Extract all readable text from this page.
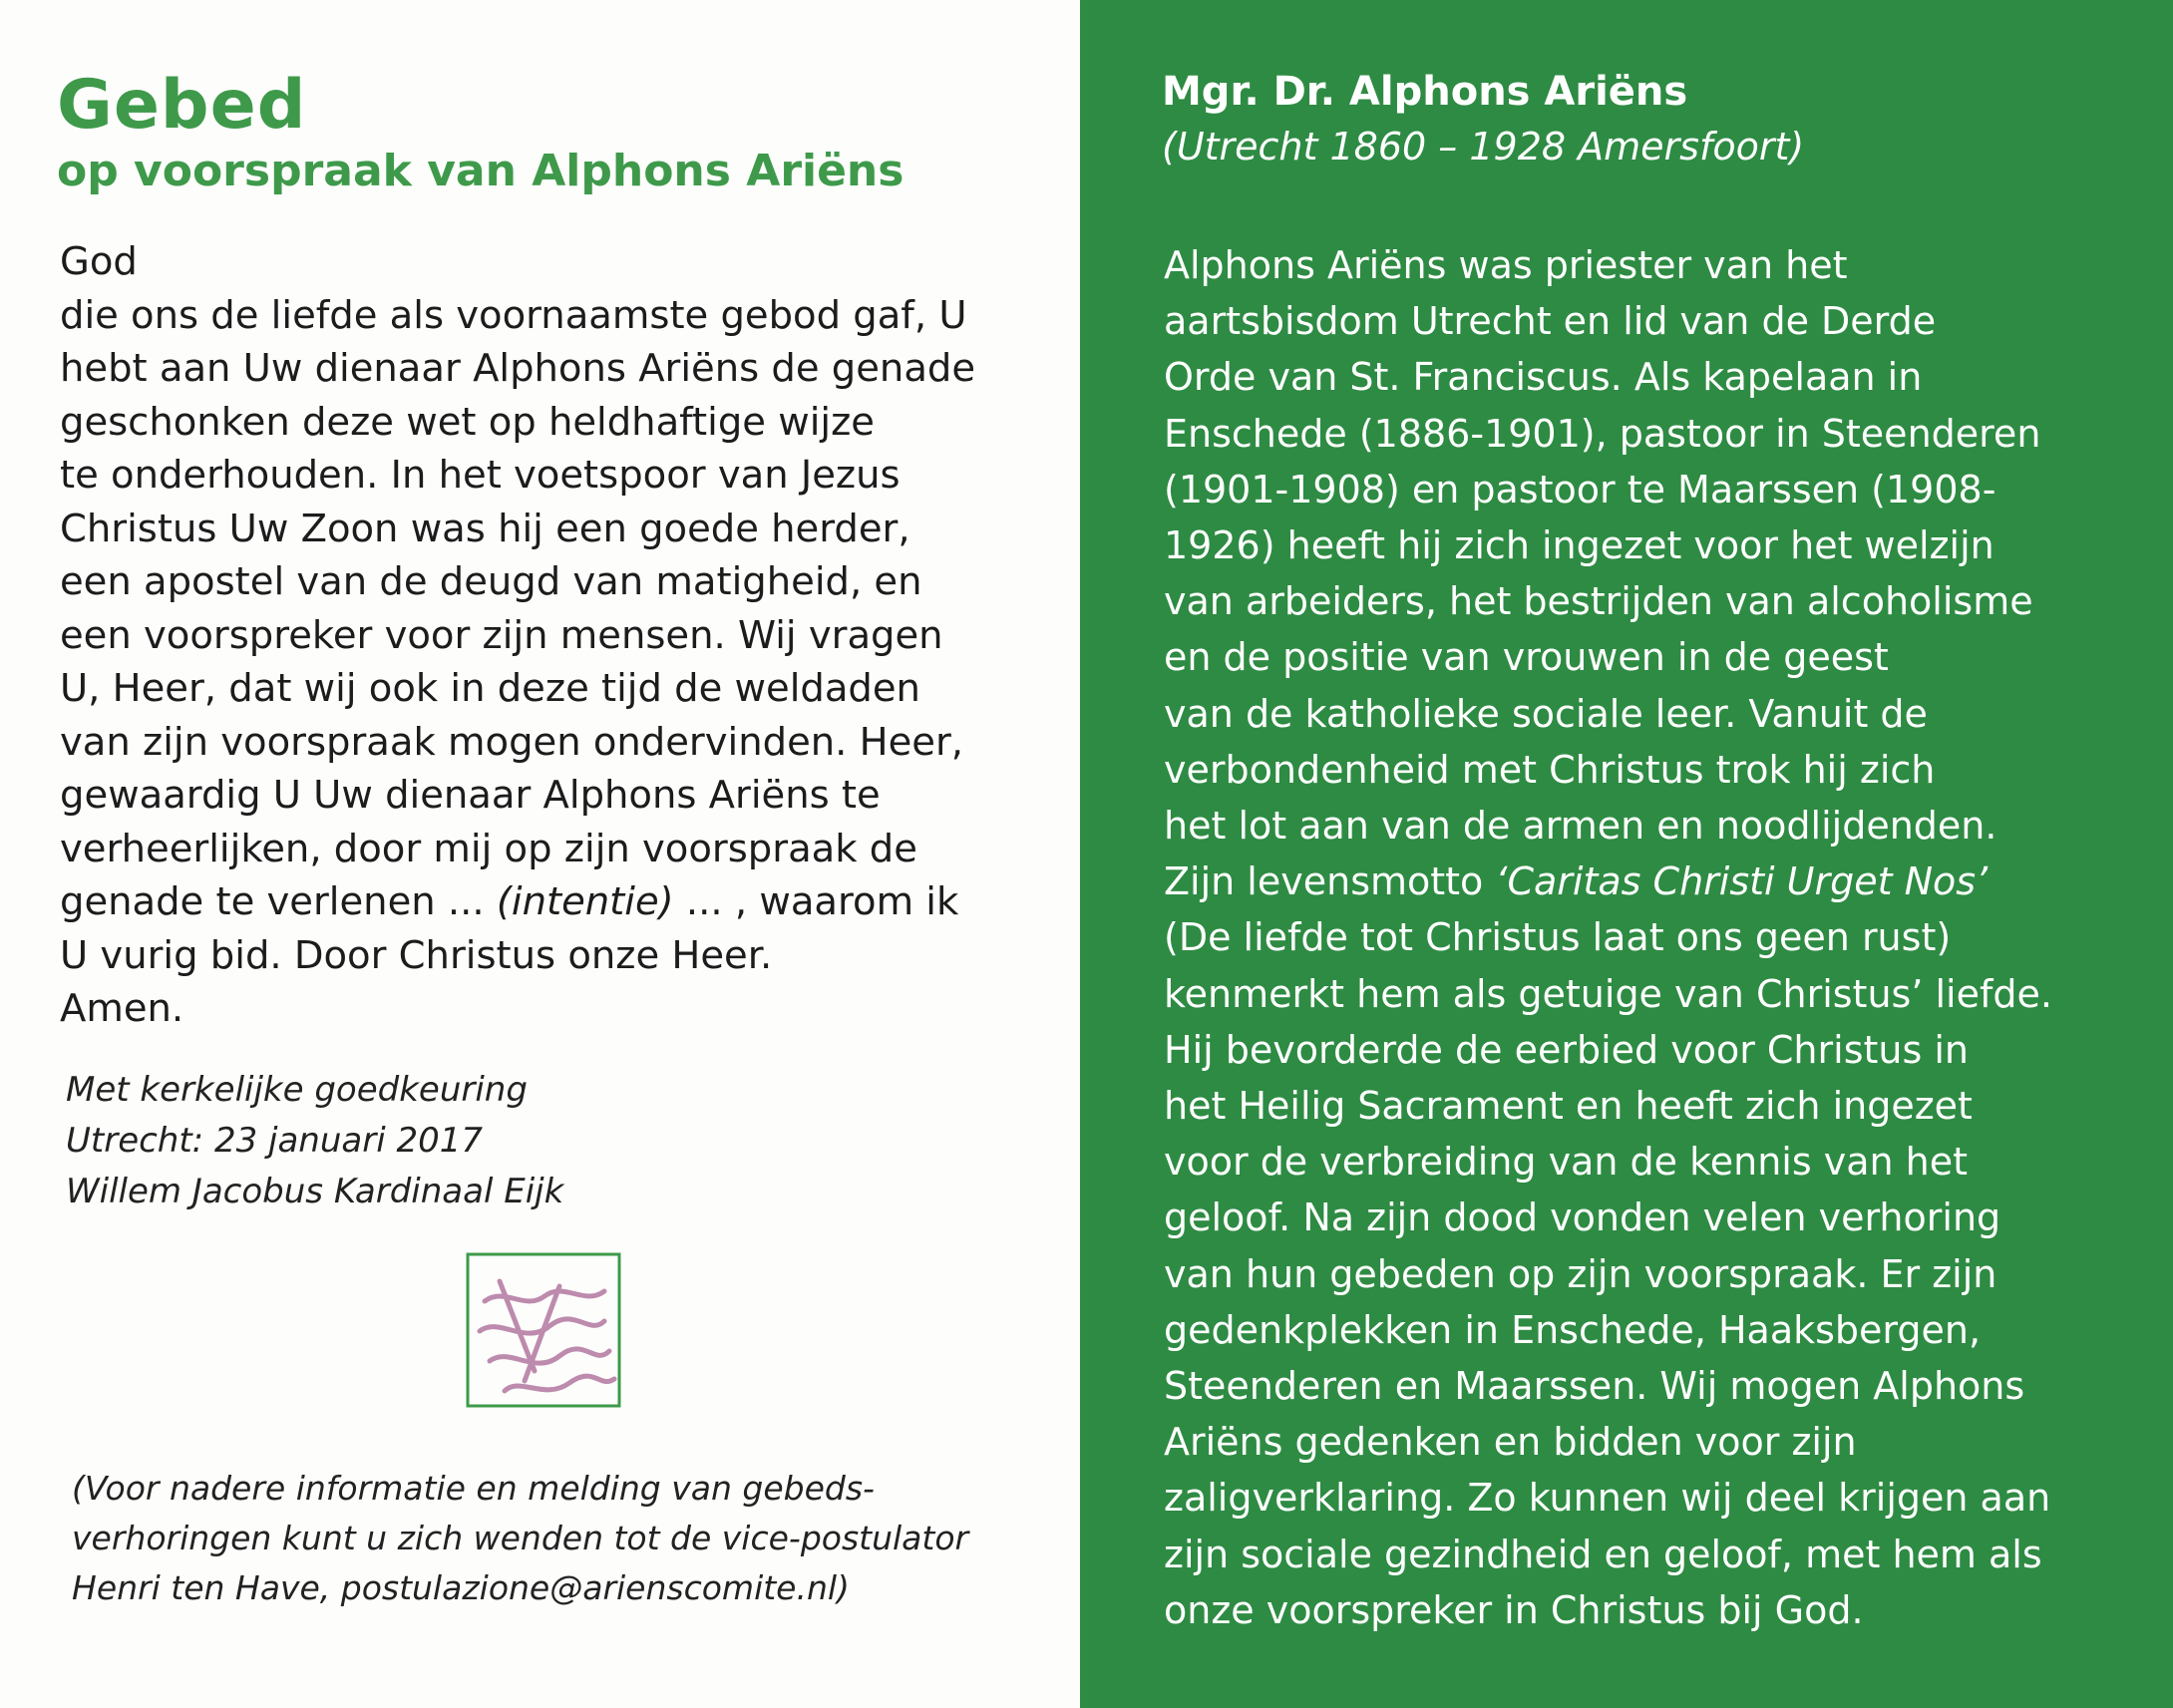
Gebed
op voorspraak van Alphons Ariëns
God
die ons de liefde als voornaamste gebod gaf, U
hebt aan Uw dienaar Alphons Ariëns de genade
geschonken deze wet op heldhaftige wijze
te onderhouden. In het voetspoor van Jezus
Christus Uw Zoon was hij een goede herder,
een apostel van de deugd van matigheid, en
een voorspreker voor zijn mensen. Wij vragen
U, Heer, dat wij ook in deze tijd de weldaden
van zijn voorspraak mogen ondervinden. Heer,
gewaardig U Uw dienaar Alphons Ariëns te
verheerlijken, door mij op zijn voorspraak de
genade te verlenen ... (intentie) ... , waarom ik
U vurig bid. Door Christus onze Heer.
Amen.
Met kerkelijke goedkeuring
Utrecht: 23 januari 2017
Willem Jacobus Kardinaal Eijk
(Voor nadere informatie en melding van gebeds-
verhoringen kunt u zich wenden tot de vice-postulator
Henri ten Have, postulazione@arienscomite.nl)
Mgr. Dr. Alphons Ariëns

(Utrecht 1860 – 1928 Amersfoort)

Alphons Ariëns was priester van het
aartsbisdom Utrecht en lid van de Derde
Orde van St. Franciscus. Als kapelaan in
Enschede (1886-1901), pastoor in Steenderen
(1901-1908) en pastoor te Maarssen (1908-
1926) heeft hij zich ingezet voor het welzijn
van arbeiders, het bestrijden van alcoholisme
en de positie van vrouwen in de geest
van de katholieke sociale leer. Vanuit de
verbondenheid met Christus trok hij zich
het lot aan van de armen en noodlijdenden.
Zijn levensmotto ‘Caritas Christi Urget Nos’
(De liefde tot Christus laat ons geen rust)
kenmerkt hem als getuige van Christus’ liefde.
Hij bevorderde de eerbied voor Christus in
het Heilig Sacrament en heeft zich ingezet
voor de verbreiding van de kennis van het
geloof. Na zijn dood vonden velen verhoring
van hun gebeden op zijn voorspraak. Er zijn
gedenkplekken in Enschede, Haaksbergen,
Steenderen en Maarssen. Wij mogen Alphons
Ariëns gedenken en bidden voor zijn
zaligverklaring. Zo kunnen wij deel krijgen aan
zijn sociale gezindheid en geloof, met hem als
onze voorspreker in Christus bij God.
